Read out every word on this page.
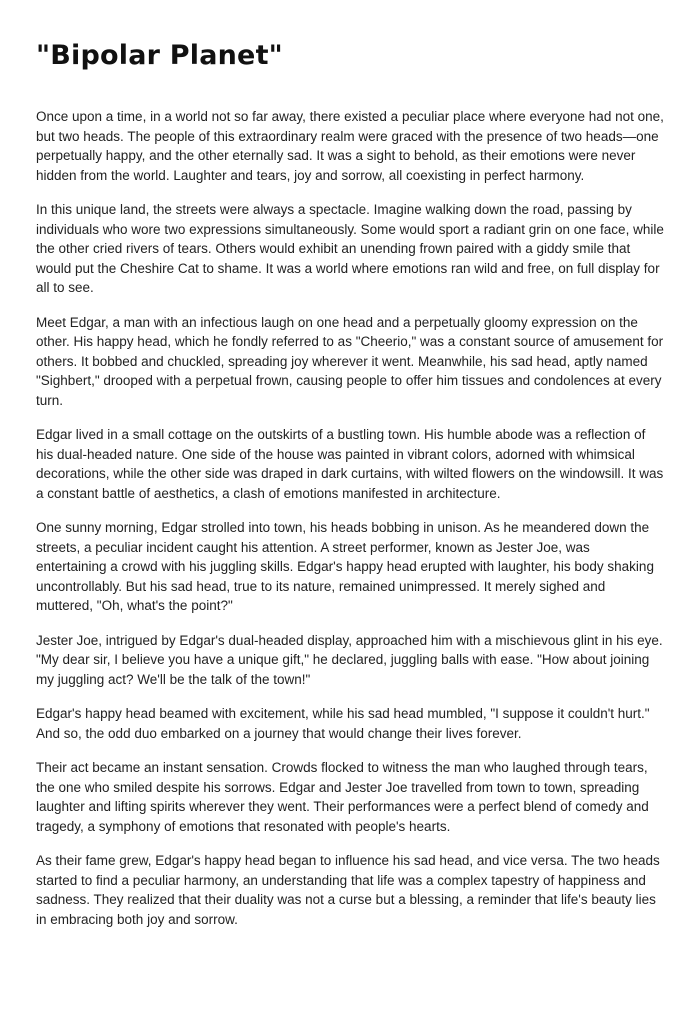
"Bipolar Planet"

Once upon a time, in a world not so far away, there existed a peculiar place where everyone had not one, but two heads. The people of this extraordinary realm were graced with the presence of two heads—one perpetually happy, and the other eternally sad. It was a sight to behold, as their emotions were never hidden from the world. Laughter and tears, joy and sorrow, all coexisting in perfect harmony.

In this unique land, the streets were always a spectacle. Imagine walking down the road, passing by individuals who wore two expressions simultaneously. Some would sport a radiant grin on one face, while the other cried rivers of tears. Others would exhibit an unending frown paired with a giddy smile that would put the Cheshire Cat to shame. It was a world where emotions ran wild and free, on full display for all to see.

Meet Edgar, a man with an infectious laugh on one head and a perpetually gloomy expression on the other. His happy head, which he fondly referred to as "Cheerio," was a constant source of amusement for others. It bobbed and chuckled, spreading joy wherever it went. Meanwhile, his sad head, aptly named "Sighbert," drooped with a perpetual frown, causing people to offer him tissues and condolences at every turn.

Edgar lived in a small cottage on the outskirts of a bustling town. His humble abode was a reflection of his dual-headed nature. One side of the house was painted in vibrant colors, adorned with whimsical decorations, while the other side was draped in dark curtains, with wilted flowers on the windowsill. It was a constant battle of aesthetics, a clash of emotions manifested in architecture.

One sunny morning, Edgar strolled into town, his heads bobbing in unison. As he meandered down the streets, a peculiar incident caught his attention. A street performer, known as Jester Joe, was entertaining a crowd with his juggling skills. Edgar's happy head erupted with laughter, his body shaking uncontrollably. But his sad head, true to its nature, remained unimpressed. It merely sighed and muttered, "Oh, what's the point?"

Jester Joe, intrigued by Edgar's dual-headed display, approached him with a mischievous glint in his eye. "My dear sir, I believe you have a unique gift," he declared, juggling balls with ease. "How about joining my juggling act? We'll be the talk of the town!"

Edgar's happy head beamed with excitement, while his sad head mumbled, "I suppose it couldn't hurt." And so, the odd duo embarked on a journey that would change their lives forever.

Their act became an instant sensation. Crowds flocked to witness the man who laughed through tears, the one who smiled despite his sorrows. Edgar and Jester Joe travelled from town to town, spreading laughter and lifting spirits wherever they went. Their performances were a perfect blend of comedy and tragedy, a symphony of emotions that resonated with people's hearts.

As their fame grew, Edgar's happy head began to influence his sad head, and vice versa. The two heads started to find a peculiar harmony, an understanding that life was a complex tapestry of happiness and sadness. They realized that their duality was not a curse but a blessing, a reminder that life's beauty lies in embracing both joy and sorrow.
